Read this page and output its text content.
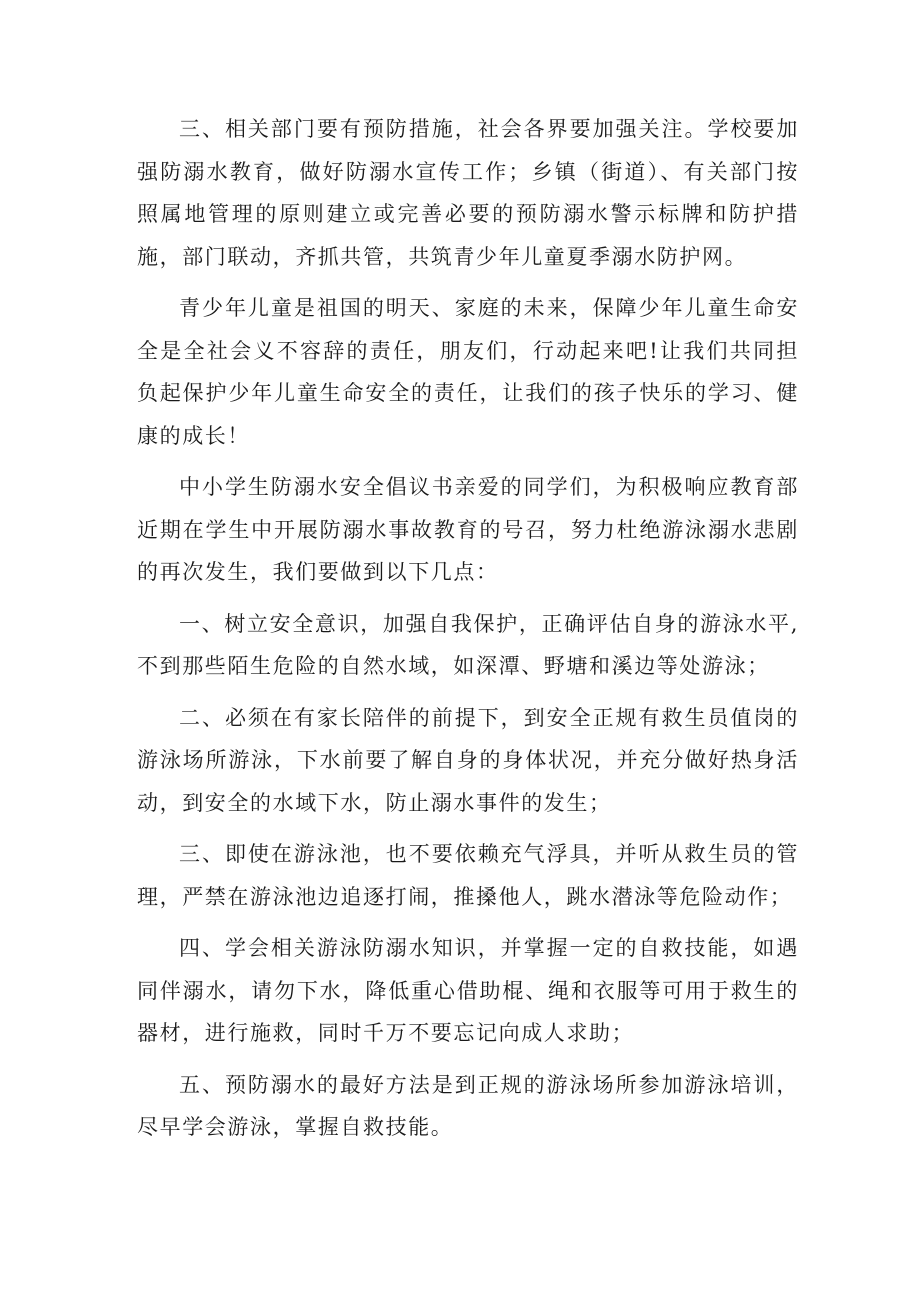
三、相关部门要有预防措施，社会各界要加强关注。学校要加强防溺水教育，做好防溺水宣传工作；乡镇（街道）、有关部门按照属地管理的原则建立或完善必要的预防溺水警示标牌和防护措施，部门联动，齐抓共管，共筑青少年儿童夏季溺水防护网。

青少年儿童是祖国的明天、家庭的未来，保障少年儿童生命安全是全社会义不容辞的责任，朋友们，行动起来吧!让我们共同担负起保护少年儿童生命安全的责任，让我们的孩子快乐的学习、健康的成长！

中小学生防溺水安全倡议书亲爱的同学们，为积极响应教育部近期在学生中开展防溺水事故教育的号召，努力杜绝游泳溺水悲剧的再次发生，我们要做到以下几点：

一、树立安全意识，加强自我保护，正确评估自身的游泳水平,不到那些陌生危险的自然水域，如深潭、野塘和溪边等处游泳；

二、必须在有家长陪伴的前提下，到安全正规有救生员值岗的游泳场所游泳，下水前要了解自身的身体状况，并充分做好热身活动，到安全的水域下水，防止溺水事件的发生；

三、即使在游泳池，也不要依赖充气浮具，并听从救生员的管理，严禁在游泳池边追逐打闹，推搡他人，跳水潜泳等危险动作；

四、学会相关游泳防溺水知识，并掌握一定的自救技能，如遇同伴溺水，请勿下水，降低重心借助棍、绳和衣服等可用于救生的器材，进行施救，同时千万不要忘记向成人求助；

五、预防溺水的最好方法是到正规的游泳场所参加游泳培训，尽早学会游泳，掌握自救技能。
